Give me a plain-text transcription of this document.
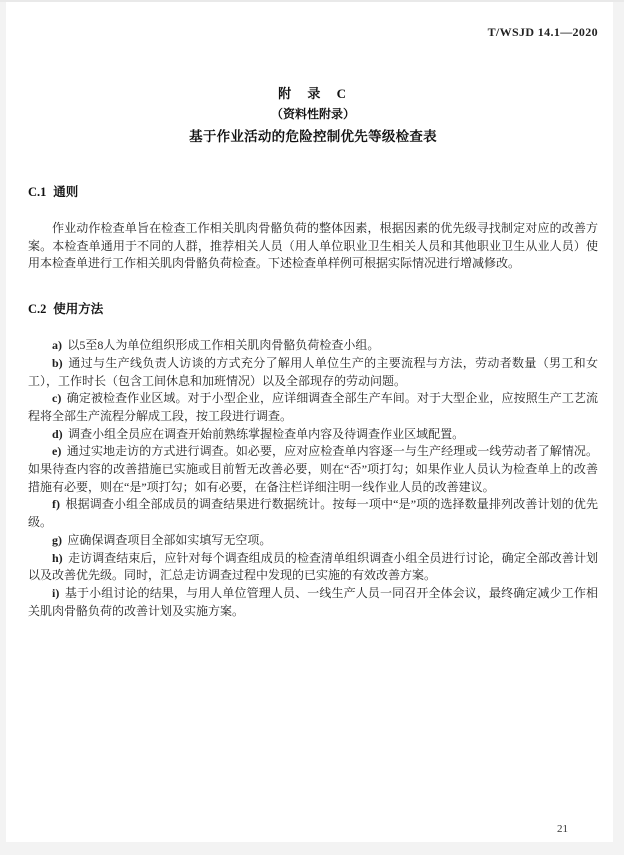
T/WSJD 14.1—2020
附 录 C
（资料性附录）
基于作业活动的危险控制优先等级检查表
C.1 通则

作业动作检查单旨在检查工作相关肌肉骨骼负荷的整体因素，根据因素的优先级寻找制定对应的改善方案。本检查单通用于不同的人群，推荐相关人员（用人单位职业卫生相关人员和其他职业卫生从业人员）使用本检查单进行工作相关肌肉骨骼负荷检查。下述检查单样例可根据实际情况进行增减修改。

C.2 使用方法

a) 以5至8人为单位组织形成工作相关肌肉骨骼负荷检查小组。

b) 通过与生产线负责人访谈的方式充分了解用人单位生产的主要流程与方法，劳动者数量（男工和女工），工作时长（包含工间休息和加班情况）以及全部现存的劳动问题。

c) 确定被检查作业区域。对于小型企业，应详细调查全部生产车间。对于大型企业，应按照生产工艺流程将全部生产流程分解成工段，按工段进行调查。

d) 调查小组全员应在调查开始前熟练掌握检查单内容及待调查作业区域配置。

e) 通过实地走访的方式进行调查。如必要，应对应检查单内容逐一与生产经理或一线劳动者了解情况。如果待查内容的改善措施已实施或目前暂无改善必要，则在“否”项打勾；如果作业人员认为检查单上的改善措施有必要，则在“是”项打勾；如有必要，在备注栏详细注明一线作业人员的改善建议。

f) 根据调查小组全部成员的调查结果进行数据统计。按每一项中“是”项的选择数量排列改善计划的优先级。

g) 应确保调查项目全部如实填写无空项。

h) 走访调查结束后，应针对每个调查组成员的检查清单组织调查小组全员进行讨论，确定全部改善计划以及改善优先级。同时，汇总走访调查过程中发现的已实施的有效改善方案。

i) 基于小组讨论的结果，与用人单位管理人员、一线生产人员一同召开全体会议，最终确定减少工作相关肌肉骨骼负荷的改善计划及实施方案。

21
